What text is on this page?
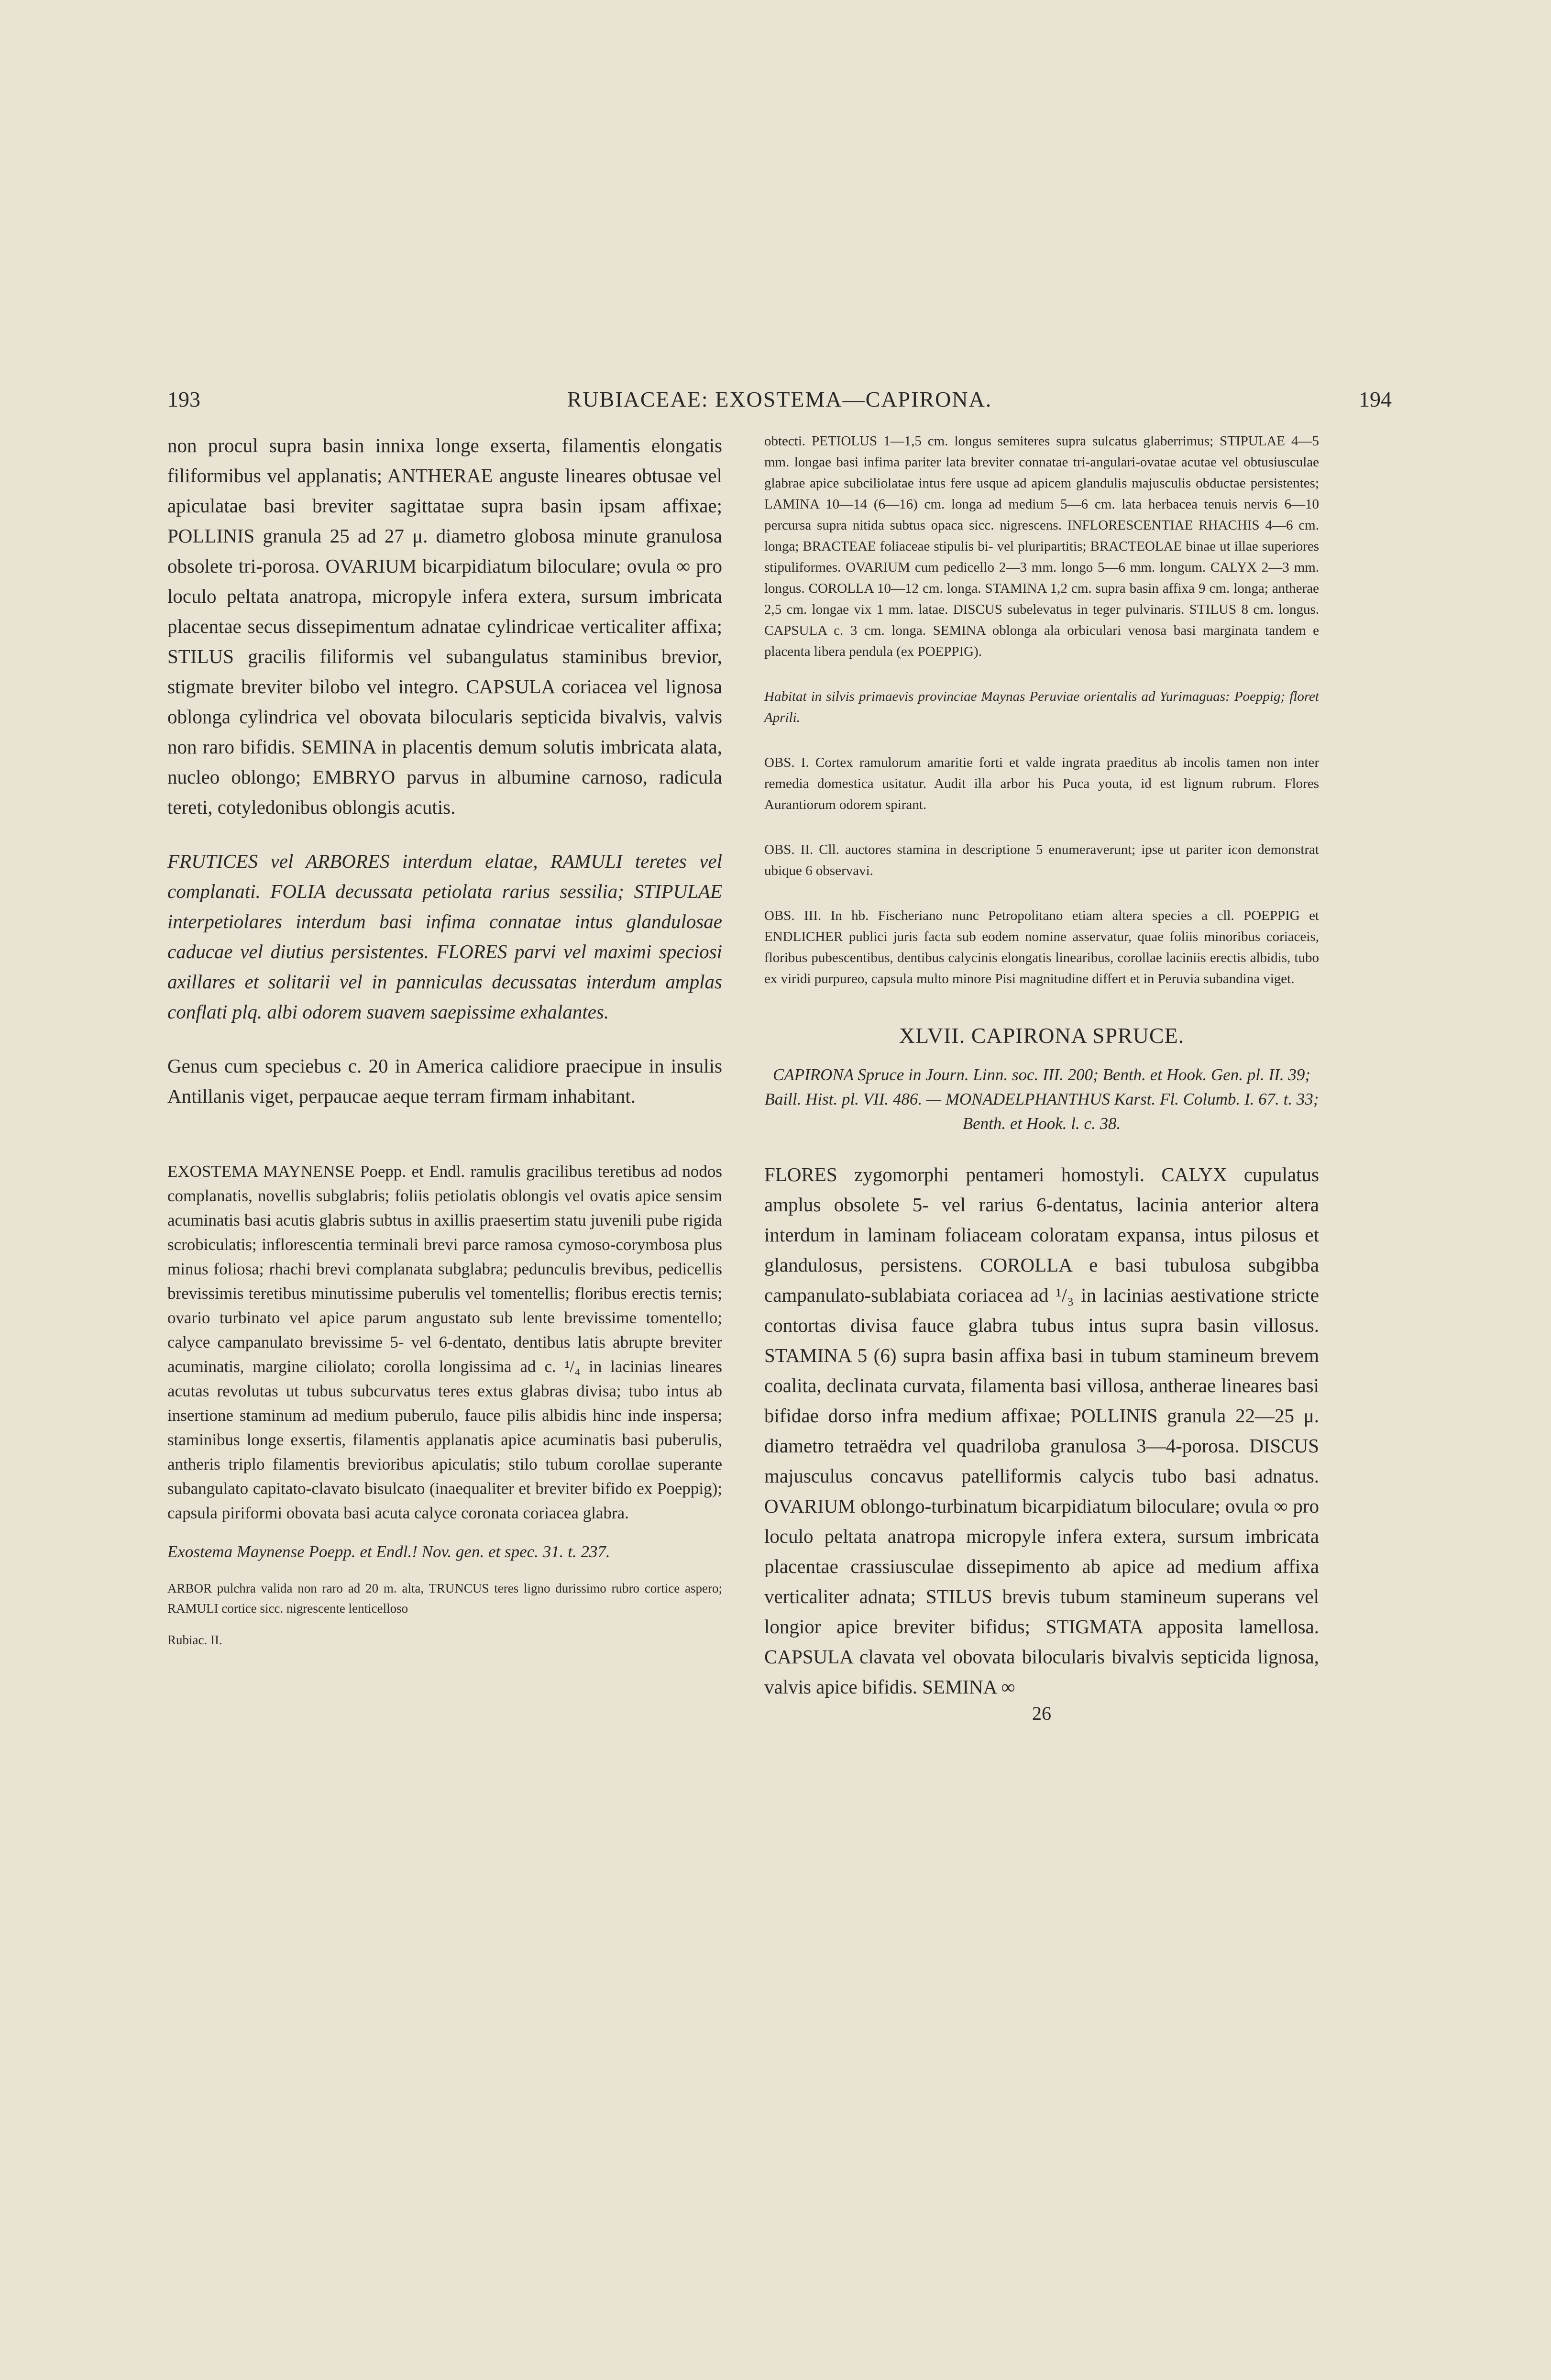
193	RUBIACEAE: EXOSTEMA—CAPIRONA.	194

non procul supra basin innixa longe exserta, filamentis elongatis filiformibus vel applanatis; ANTHERAE anguste lineares obtusae vel apiculatae basi breviter sagittatae supra basin ipsam affixae; POLLINIS granula 25 ad 27 μ. diametro globosa minute granulosa obsolete tri-porosa. OVARIUM bicarpidiatum biloculare; ovula ∞ pro loculo peltata anatropa, micropyle infera extera, sursum imbricata placentae secus dissepimentum adnatae cylindricae verticaliter affixa; STILUS gracilis filiformis vel subangulatus staminibus brevior, stigmate breviter bilobo vel integro. CAPSULA coriacea vel lignosa oblonga cylindrica vel obovata bilocularis septicida bivalvis, valvis non raro bifidis. SEMINA in placentis demum solutis imbricata alata, nucleo oblongo; EMBRYO parvus in albumine carnoso, radicula tereti, cotyledonibus oblongis acutis.

FRUTICES vel ARBORES interdum elatae, RAMULI teretes vel complanati. FOLIA decussata petiolata rarius sessilia; STIPULAE interpetiolares interdum basi infima connatae intus glandulosae caducae vel diutius persistentes. FLORES parvi vel maximi speciosi axillares et solitarii vel in panniculas decussatas interdum amplas conflati plq. albi odorem suavem saepissime exhalantes.

Genus cum speciebus c. 20 in America calidiore praecipue in insulis Antillanis viget, perpaucae aeque terram firmam inhabitant.

EXOSTEMA MAYNENSE Poepp. et Endl. ramulis gracilibus teretibus ad nodos complanatis, novellis subglabris; foliis petiolatis oblongis vel ovatis apice sensim acuminatis basi acutis glabris subtus in axillis praesertim statu juvenili pube rigida scrobiculatis; inflorescentia terminali brevi parce ramosa cymoso-corymbosa plus minus foliosa; rhachi brevi complanata subglabra; pedunculis brevibus, pedicellis brevissimis teretibus minutissime puberulis vel tomentellis; floribus erectis ternis; ovario turbinato vel apice parum angustato sub lente brevissime tomentello; calyce campanulato brevissime 5- vel 6-dentato, dentibus latis abrupte breviter acuminatis, margine ciliolato; corolla longissima ad c. ¹/₄ in lacinias lineares acutas revolutas ut tubus subcurvatus teres extus glabras divisa; tubo intus ab insertione staminum ad medium puberulo, fauce pilis albidis hinc inde inspersa; staminibus longe exsertis, filamentis applanatis apice acuminatis basi puberulis, antheris triplo filamentis brevioribus apiculatis; stilo tubum corollae superante subangulato capitato-clavato bisulcato (inaequaliter et breviter bifido ex Poeppig); capsula piriformi obovata basi acuta calyce coronata coriacea glabra.

Exostema Maynense Poepp. et Endl.! Nov. gen. et spec. 31. t. 237.

ARBOR pulchra valida non raro ad 20 m. alta, TRUNCUS teres ligno durissimo rubro cortice aspero; RAMULI cortice sicc. nigrescente lenticelloso

Rubiac. II.

obtecti. PETIOLUS 1—1,5 cm. longus semiteres supra sulcatus glaberrimus; STIPULAE 4—5 mm. longae basi infima pariter lata breviter connatae tri-angulari-ovatae acutae vel obtusiusculae glabrae apice subciliolatae intus fere usque ad apicem glandulis majusculis obductae persistentes; LAMINA 10—14 (6—16) cm. longa ad medium 5—6 cm. lata herbacea tenuis nervis 6—10 percursa supra nitida subtus opaca sicc. nigrescens. INFLORESCENTIAE RHACHIS 4—6 cm. longa; BRACTEAE foliaceae stipulis bi- vel pluripartitis; BRACTEOLAE binae ut illae superiores stipuliformes. OVARIUM cum pedicello 2—3 mm. longo 5—6 mm. longum. CALYX 2—3 mm. longus. COROLLA 10—12 cm. longa. STAMINA 1,2 cm. supra basin affixa 9 cm. longa; antherae 2,5 cm. longae vix 1 mm. latae. DISCUS subelevatus in teger pulvinaris. STILUS 8 cm. longus. CAPSULA c. 3 cm. longa. SEMINA oblonga ala orbiculari venosa basi marginata tandem e placenta libera pendula (ex POEPPIG).

Habitat in silvis primaevis provinciae Maynas Peruviae orientalis ad Yurimaguas: Poeppig; floret Aprili.

OBS. I. Cortex ramulorum amaritie forti et valde ingrata praeditus ab incolis tamen non inter remedia domestica usitatur. Audit illa arbor his Puca youta, id est lignum rubrum. Flores Aurantiorum odorem spirant.

OBS. II. Cll. auctores stamina in descriptione 5 enumeraverunt; ipse ut pariter icon demonstrat ubique 6 observavi.

OBS. III. In hb. Fischeriano nunc Petropolitano etiam altera species a cll. POEPPIG et ENDLICHER publici juris facta sub eodem nomine asservatur, quae foliis minoribus coriaceis, floribus pubescentibus, dentibus calycinis elongatis linearibus, corollae laciniis erectis albidis, tubo ex viridi purpureo, capsula multo minore Pisi magnitudine differt et in Peruvia subandina viget.

XLVII. CAPIRONA SPRUCE.

CAPIRONA Spruce in Journ. Linn. soc. III. 200; Benth. et Hook. Gen. pl. II. 39; Baill. Hist. pl. VII. 486. — MONADELPHANTHUS Karst. Fl. Columb. I. 67. t. 33; Benth. et Hook. l. c. 38.

FLORES zygomorphi pentameri homostyli. CALYX cupulatus amplus obsolete 5- vel rarius 6-dentatus, lacinia anterior altera interdum in laminam foliaceam coloratam expansa, intus pilosus et glandulosus, persistens. COROLLA e basi tubulosa subgibba campanulato-sublabiata coriacea ad ¹/₃ in lacinias aestivatione stricte contortas divisa fauce glabra tubus intus supra basin villosus. STAMINA 5 (6) supra basin affixa basi in tubum stamineum brevem coalita, declinata curvata, filamenta basi villosa, antherae lineares basi bifidae dorso infra medium affixae; POLLINIS granula 22—25 μ. diametro tetraëdra vel quadriloba granulosa 3—4-porosa. DISCUS majusculus concavus patelliformis calycis tubo basi adnatus. OVARIUM oblongo-turbinatum bicarpidiatum biloculare; ovula ∞ pro loculo peltata anatropa micropyle infera extera, sursum imbricata placentae crassiusculae dissepimento ab apice ad medium affixa verticaliter adnata; STILUS brevis tubum stamineum superans vel longior apice breviter bifidus; STIGMATA apposita lamellosa. CAPSULA clavata vel obovata bilocularis bivalvis septicida lignosa, valvis apice bifidis. SEMINA ∞

26
